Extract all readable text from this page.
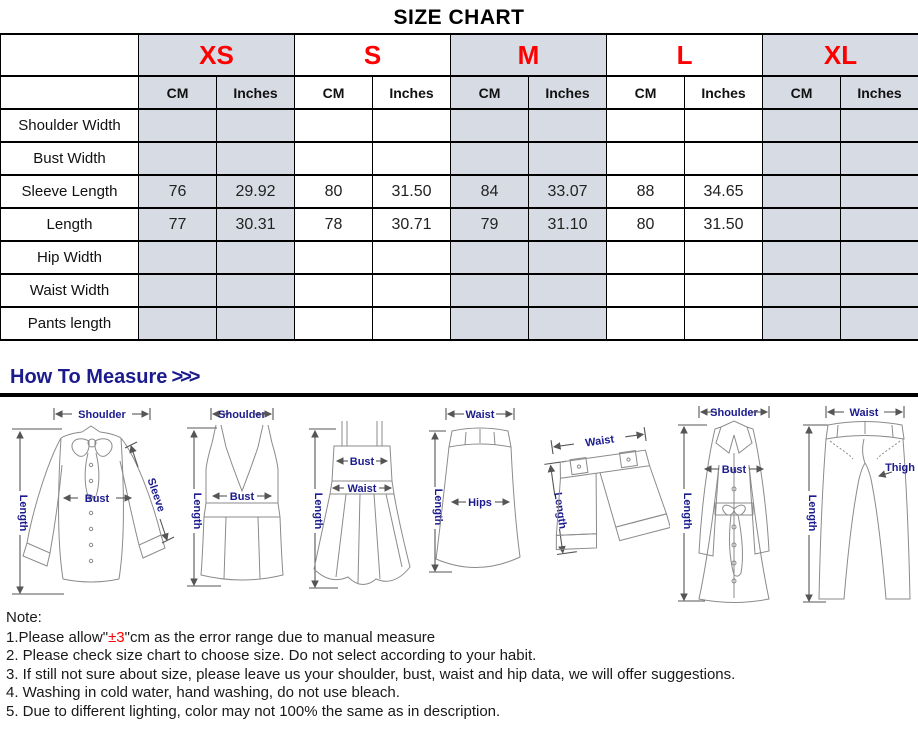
SIZE CHART
	XS		S		M		L		XL	
	CM	Inches	CM	Inches	CM	Inches	CM	Inches	CM	Inches
Shoulder Width										
Bust Width										
Sleeve Length	76	29.92	80	31.50	84	33.07	88	34.65		
Length	77	30.31	78	30.71	79	31.10	80	31.50		
Hip Width										
Waist Width										
Pants length										
How To Measure >>>
Shoulder
Length	Bust	Sleeve
Shoulder
Length Bust	Length
Bust
Waist
Waist
Length Hips
Waist
Length
Shoulder
Length
Bust
Waist
Length
Thigh
Note:
1.Please allow"±3"cm as the error range due to manual measure
2. Please check size chart to choose size. Do not select according to your habit.
3. If still not sure about size, please leave us your shoulder, bust, waist and hip data, we will offer suggestions.
4. Washing in cold water, hand washing, do not use bleach.
5. Due to different lighting, color may not 100% the same as in description.
